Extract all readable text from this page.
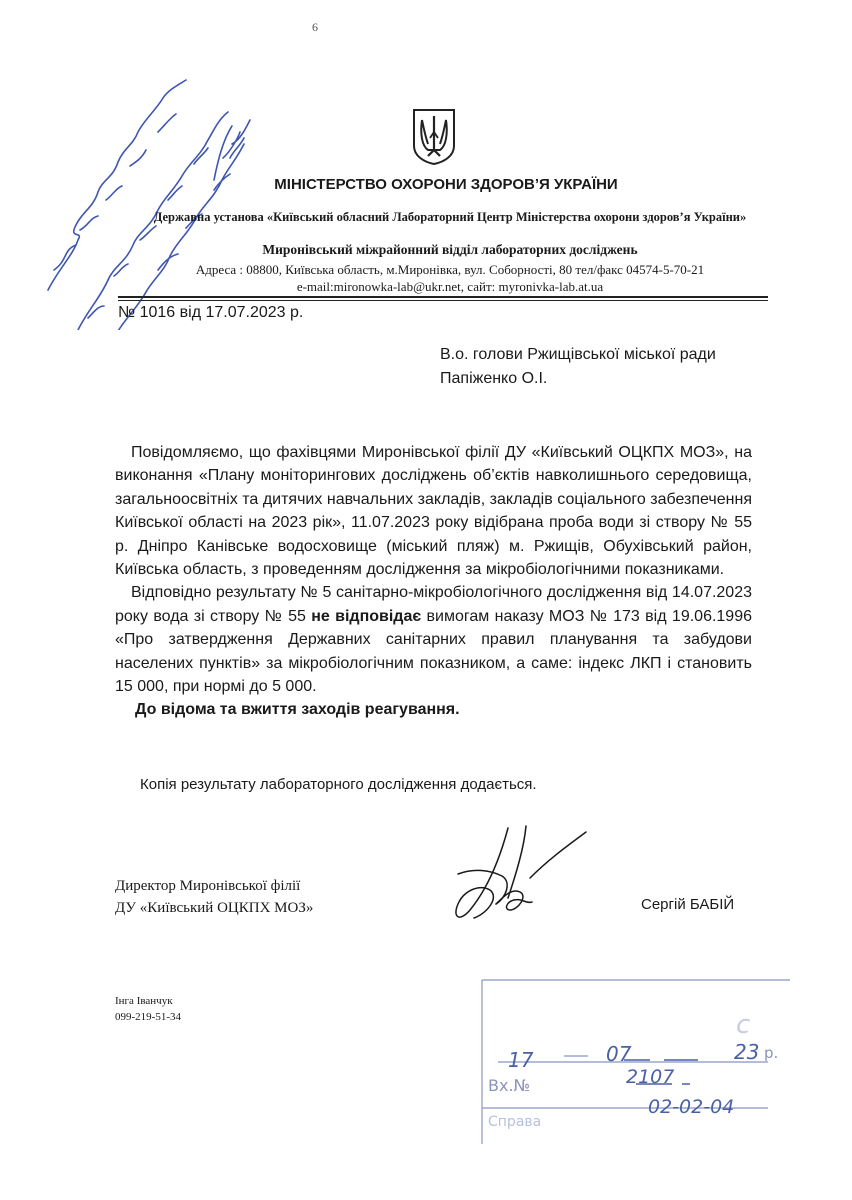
6
МІНІСТЕРСТВО ОХОРОНИ ЗДОРОВ’Я УКРАЇНИ
Державна установа «Київський обласний Лабораторний Центр Міністерства охорони здоров’я України»
Миронівський міжрайонний відділ лабораторних досліджень
Адреса : 08800, Київська область, м.Миронівка, вул. Соборності, 80 тел/факс 04574-5-70-21
e-mail:mironowka-lab@ukr.net, сайт: myronivka-lab.at.ua
№ 1016 від 17.07.2023 р.
В.о. голови Ржищівської міської ради
Папіженко О.І.

Повідомляємо, що фахівцями Миронівської філії ДУ «Київський ОЦКПХ МОЗ», на виконання «Плану моніторингових досліджень об’єктів навколишнього середовища, загальноосвітніх та дитячих навчальних закладів, закладів соціального забезпечення Київської області на 2023 рік», 11.07.2023 року відібрана проба води зі створу № 55 р. Дніпро Канівське водосховище (міський пляж) м. Ржищів, Обухівський район, Київська область, з проведенням дослідження за мікробіологічними показниками.

Відповідно результату № 5 санітарно-мікробіологічного дослідження від 14.07.2023 року вода зі створу № 55 не відповідає вимогам наказу МОЗ № 173 від 19.06.1996 «Про затвердження Державних санітарних правил планування та забудови населених пунктів» за мікробіологічним показником, а саме: індекс ЛКП і становить 15 000, при нормі до 5 000.

До відома та вжиття заходів реагування.

Копія результату лабораторного дослідження додається.
Директор Миронівської філії
ДУ «Київський ОЦКПХ МОЗ»	Сергій БАБІЙ
Інга Іванчук
099-219-51-34	с
17	07	23 р.
Вх.№	2107
Справа
02-02-04
